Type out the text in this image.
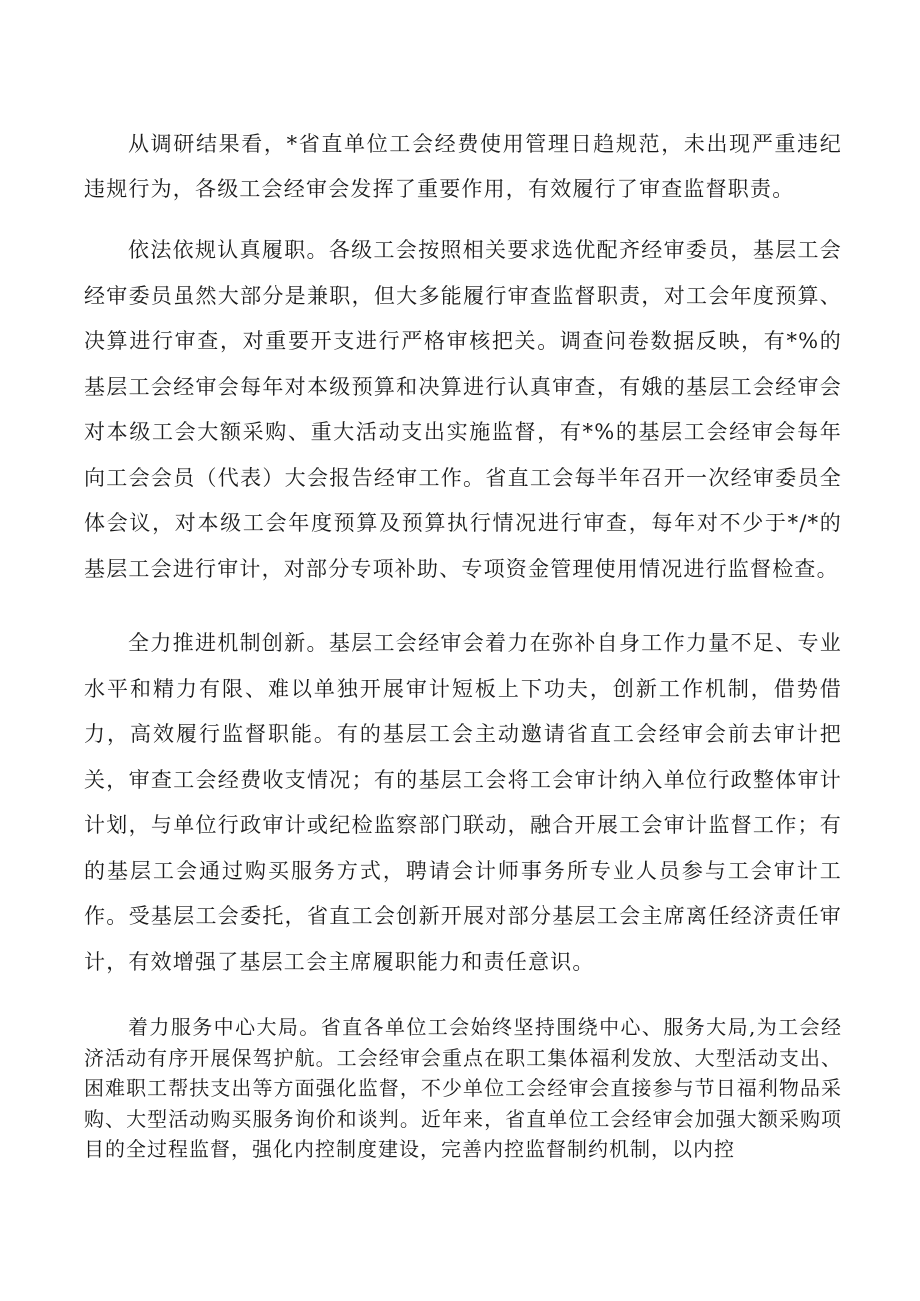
从调研结果看，*省直单位工会经费使用管理日趋规范，未出现严重违纪违规行为，各级工会经审会发挥了重要作用，有效履行了审查监督职责。

依法依规认真履职。各级工会按照相关要求选优配齐经审委员，基层工会经审委员虽然大部分是兼职，但大多能履行审查监督职责，对工会年度预算、决算进行审查，对重要开支进行严格审核把关。调查问卷数据反映，有*%的基层工会经审会每年对本级预算和决算进行认真审查，有娥的基层工会经审会对本级工会大额采购、重大活动支出实施监督，有*%的基层工会经审会每年向工会会员（代表）大会报告经审工作。省直工会每半年召开一次经审委员全体会议，对本级工会年度预算及预算执行情况进行审查，每年对不少于*/*的基层工会进行审计，对部分专项补助、专项资金管理使用情况进行监督检查。

全力推进机制创新。基层工会经审会着力在弥补自身工作力量不足、专业水平和精力有限、难以单独开展审计短板上下功夫，创新工作机制，借势借力，高效履行监督职能。有的基层工会主动邀请省直工会经审会前去审计把关，审查工会经费收支情况；有的基层工会将工会审计纳入单位行政整体审计计划，与单位行政审计或纪检监察部门联动，融合开展工会审计监督工作；有的基层工会通过购买服务方式，聘请会计师事务所专业人员参与工会审计工作。受基层工会委托，省直工会创新开展对部分基层工会主席离任经济责任审计，有效增强了基层工会主席履职能力和责任意识。

着力服务中心大局。省直各单位工会始终坚持围绕中心、服务大局,为工会经济活动有序开展保驾护航。工会经审会重点在职工集体福利发放、大型活动支出、困难职工帮扶支出等方面强化监督，不少单位工会经审会直接参与节日福利物品采购、大型活动购买服务询价和谈判。近年来，省直单位工会经审会加强大额采购项目的全过程监督，强化内控制度建设，完善内控监督制约机制，以内控
